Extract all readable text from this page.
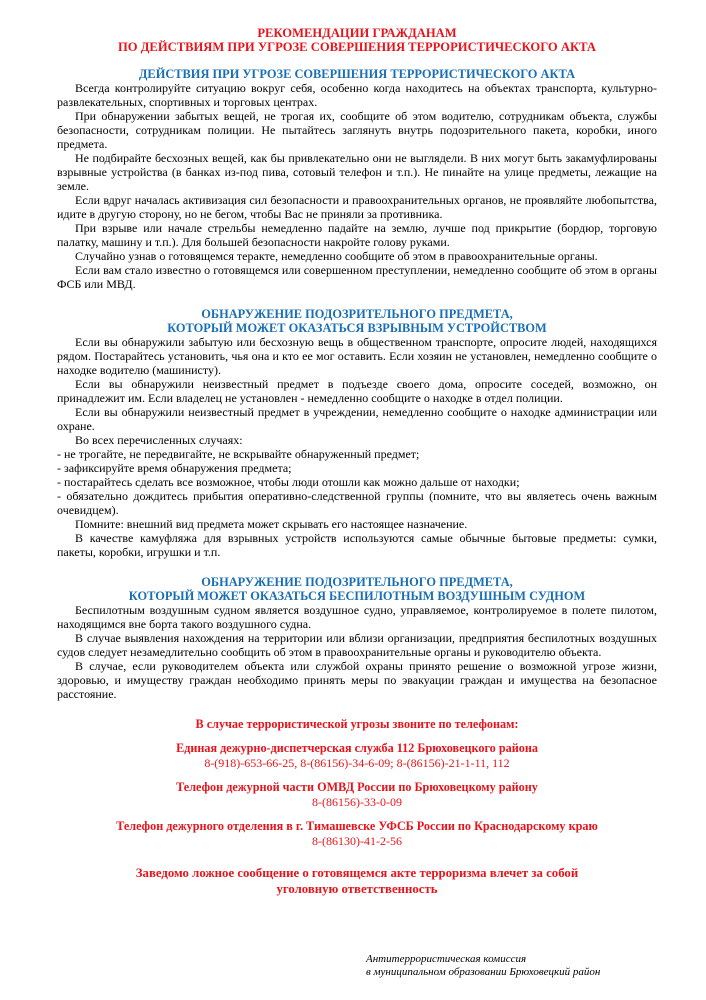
РЕКОМЕНДАЦИИ ГРАЖДАНАМ
ПО ДЕЙСТВИЯМ ПРИ УГРОЗЕ СОВЕРШЕНИЯ ТЕРРОРИСТИЧЕСКОГО АКТА
ДЕЙСТВИЯ ПРИ УГРОЗЕ СОВЕРШЕНИЯ ТЕРРОРИСТИЧЕСКОГО АКТА

Всегда контролируйте ситуацию вокруг себя, особенно когда находитесь на объектах транспорта, культурно-развлекательных, спортивных и торговых центрах.

При обнаружении забытых вещей, не трогая их, сообщите об этом водителю, сотрудникам объекта, службы безопасности, сотрудникам полиции. Не пытайтесь заглянуть внутрь подозрительного пакета, коробки, иного предмета.

Не подбирайте бесхозных вещей, как бы привлекательно они не выглядели. В них могут быть закамуфлированы взрывные устройства (в банках из-под пива, сотовый телефон и т.п.). Не пинайте на улице предметы, лежащие на земле.

Если вдруг началась активизация сил безопасности и правоохранительных органов, не проявляйте любопытства, идите в другую сторону, но не бегом, чтобы Вас не приняли за противника.

При взрыве или начале стрельбы немедленно падайте на землю, лучше под прикрытие (бордюр, торговую палатку, машину и т.п.). Для большей безопасности накройте голову руками.

Случайно узнав о готовящемся теракте, немедленно сообщите об этом в правоохранительные органы.

Если вам стало известно о готовящемся или совершенном преступлении, немедленно сообщите об этом в органы ФСБ или МВД.

ОБНАРУЖЕНИЕ ПОДОЗРИТЕЛЬНОГО ПРЕДМЕТА,
КОТОРЫЙ МОЖЕТ ОКАЗАТЬСЯ ВЗРЫВНЫМ УСТРОЙСТВОМ

Если вы обнаружили забытую или бесхозную вещь в общественном транспорте, опросите людей, находящихся рядом. Постарайтесь установить, чья она и кто ее мог оставить. Если хозяин не установлен, немедленно сообщите о находке водителю (машинисту).

Если вы обнаружили неизвестный предмет в подъезде своего дома, опросите соседей, возможно, он принадлежит им. Если владелец не установлен - немедленно сообщите о находке в отдел полиции.

Если вы обнаружили неизвестный предмет в учреждении, немедленно сообщите о находке администрации или охране.

Во всех перечисленных случаях:

- не трогайте, не передвигайте, не вскрывайте обнаруженный предмет;

- зафиксируйте время обнаружения предмета;

- постарайтесь сделать все возможное, чтобы люди отошли как можно дальше от находки;

- обязательно дождитесь прибытия оперативно-следственной группы (помните, что вы являетесь очень важным очевидцем).

Помните: внешний вид предмета может скрывать его настоящее назначение.

В качестве камуфляжа для взрывных устройств используются самые обычные бытовые предметы: сумки, пакеты, коробки, игрушки и т.п.

ОБНАРУЖЕНИЕ ПОДОЗРИТЕЛЬНОГО ПРЕДМЕТА,
КОТОРЫЙ МОЖЕТ ОКАЗАТЬСЯ БЕСПИЛОТНЫМ ВОЗДУШНЫМ СУДНОМ

Беспилотным воздушным судном является воздушное судно, управляемое, контролируемое в полете пилотом, находящимся вне борта такого воздушного судна.

В случае выявления нахождения на территории или вблизи организации, предприятия беспилотных воздушных судов следует незамедлительно сообщить об этом в правоохранительные органы и руководителю объекта.

В случае, если руководителем объекта или службой охраны принято решение о возможной угрозе жизни, здоровью, и имуществу граждан необходимо принять меры по эвакуации граждан и имущества на безопасное расстояние.

В случае террористической угрозы звоните по телефонам:
Единая дежурно-диспетчерская служба 112 Брюховецкого района
8-(918)-653-66-25, 8-(86156)-34-6-09; 8-(86156)-21-1-11, 112
Телефон дежурной части ОМВД России по Брюховецкому району
8-(86156)-33-0-09
Телефон дежурного отделения в г. Тимашевске УФСБ России по Краснодарскому краю
8-(86130)-41-2-56
Заведомо ложное сообщение о готовящемся акте терроризма влечет за собой
уголовную ответственность
Антитеррористическая комиссия
в муниципальном образовании Брюховецкий район
